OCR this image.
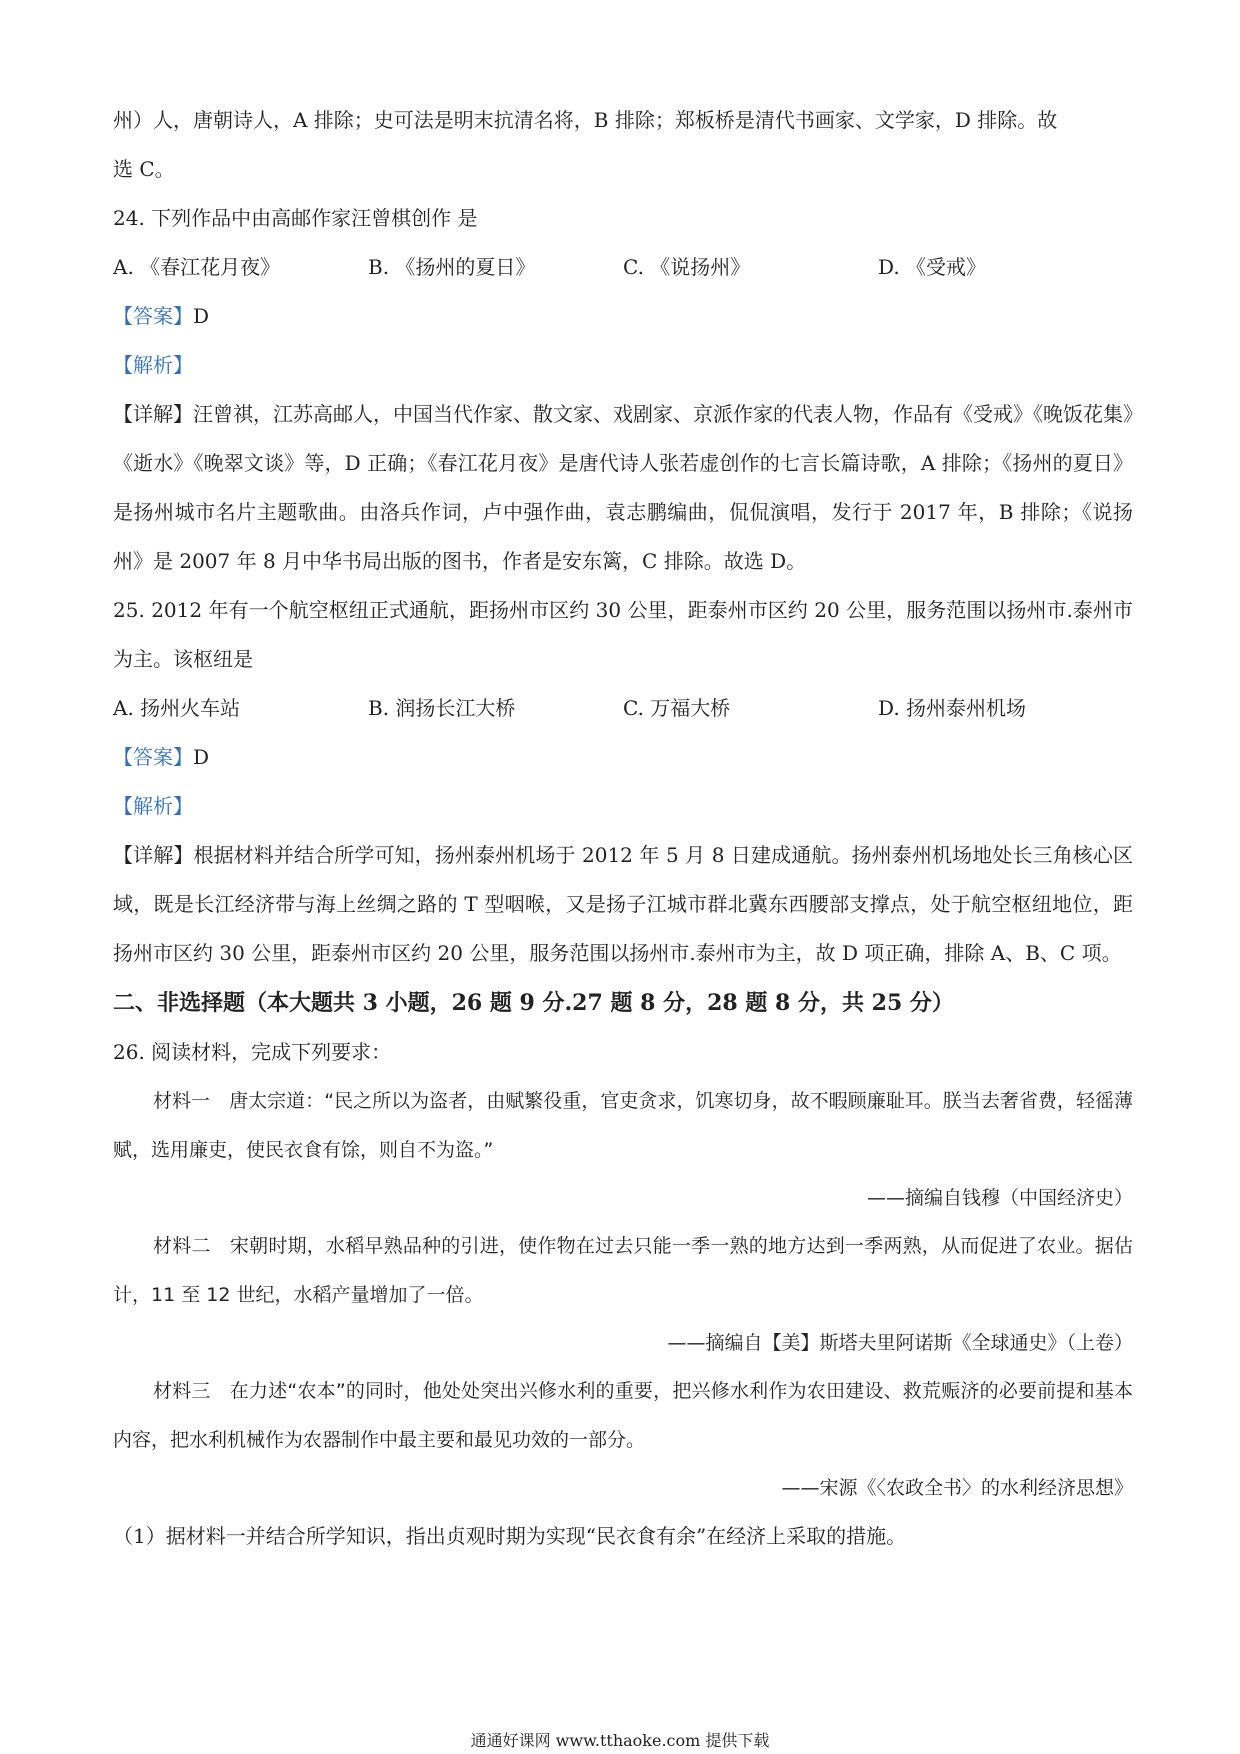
州）人，唐朝诗人，A 排除；史可法是明末抗清名将，B 排除；郑板桥是清代书画家、文学家，D 排除。故
选 C。
24. 下列作品中由高邮作家汪曾棋创作 是
A. 《春江花月夜》	B. 《扬州的夏日》	C. 《说扬州》	D. 《受戒》
【答案】D
【解析】
【详解】汪曾祺，江苏高邮人，中国当代作家、散文家、戏剧家、京派作家的代表人物，作品有《受戒》《晚饭花集》《逝水》《晚翠文谈》等，D 正确；《春江花月夜》是唐代诗人张若虚创作的七言长篇诗歌，A 排除；《扬州的夏日》是扬州城市名片主题歌曲。由洛兵作词，卢中强作曲，袁志鹏编曲，侃侃演唱，发行于 2017 年，B 排除；《说扬州》是 2007 年 8 月中华书局出版的图书，作者是安东篱，C 排除。故选 D。
25. 2012 年有一个航空枢纽正式通航，距扬州市区约 30 公里，距泰州市区约 20 公里，服务范围以扬州市.泰州市为主。该枢纽是
A. 扬州火车站	B. 润扬长江大桥	C. 万福大桥	D. 扬州泰州机场
【答案】D
【解析】
【详解】根据材料并结合所学可知，扬州泰州机场于 2012 年 5 月 8 日建成通航。扬州泰州机场地处长三角核心区域，既是长江经济带与海上丝绸之路的 T 型咽喉，又是扬子江城市群北冀东西腰部支撑点，处于航空枢纽地位，距扬州市区约 30 公里，距泰州市区约 20 公里，服务范围以扬州市.泰州市为主，故 D 项正确，排除 A、B、C 项。
二、非选择题（本大题共 3 小题，26 题 9 分.27 题 8 分，28 题 8 分，共 25 分）
26. 阅读材料，完成下列要求：
材料一　唐太宗道：“民之所以为盗者，由赋繁役重，官吏贪求，饥寒切身，故不暇顾廉耻耳。朕当去奢省费，轻徭薄赋，选用廉吏，使民衣食有馀，则自不为盗。”
——摘编自钱穆（中国经济史）
材料二　宋朝时期，水稻早熟品种的引进，使作物在过去只能一季一熟的地方达到一季两熟，从而促进了农业。据估计，11 至 12 世纪，水稻产量增加了一倍。
——摘编自【美】斯塔夫里阿诺斯《全球通史》（上卷）
材料三　在力述“农本”的同时，他处处突出兴修水利的重要，把兴修水利作为农田建设、救荒赈济的必要前提和基本内容，把水利机械作为农器制作中最主要和最见功效的一部分。
——宋源《〈农政全书〉的水利经济思想》
（1）据材料一并结合所学知识，指出贞观时期为实现“民衣食有余”在经济上采取的措施。
通通好课网 www.tthaoke.com 提供下载
